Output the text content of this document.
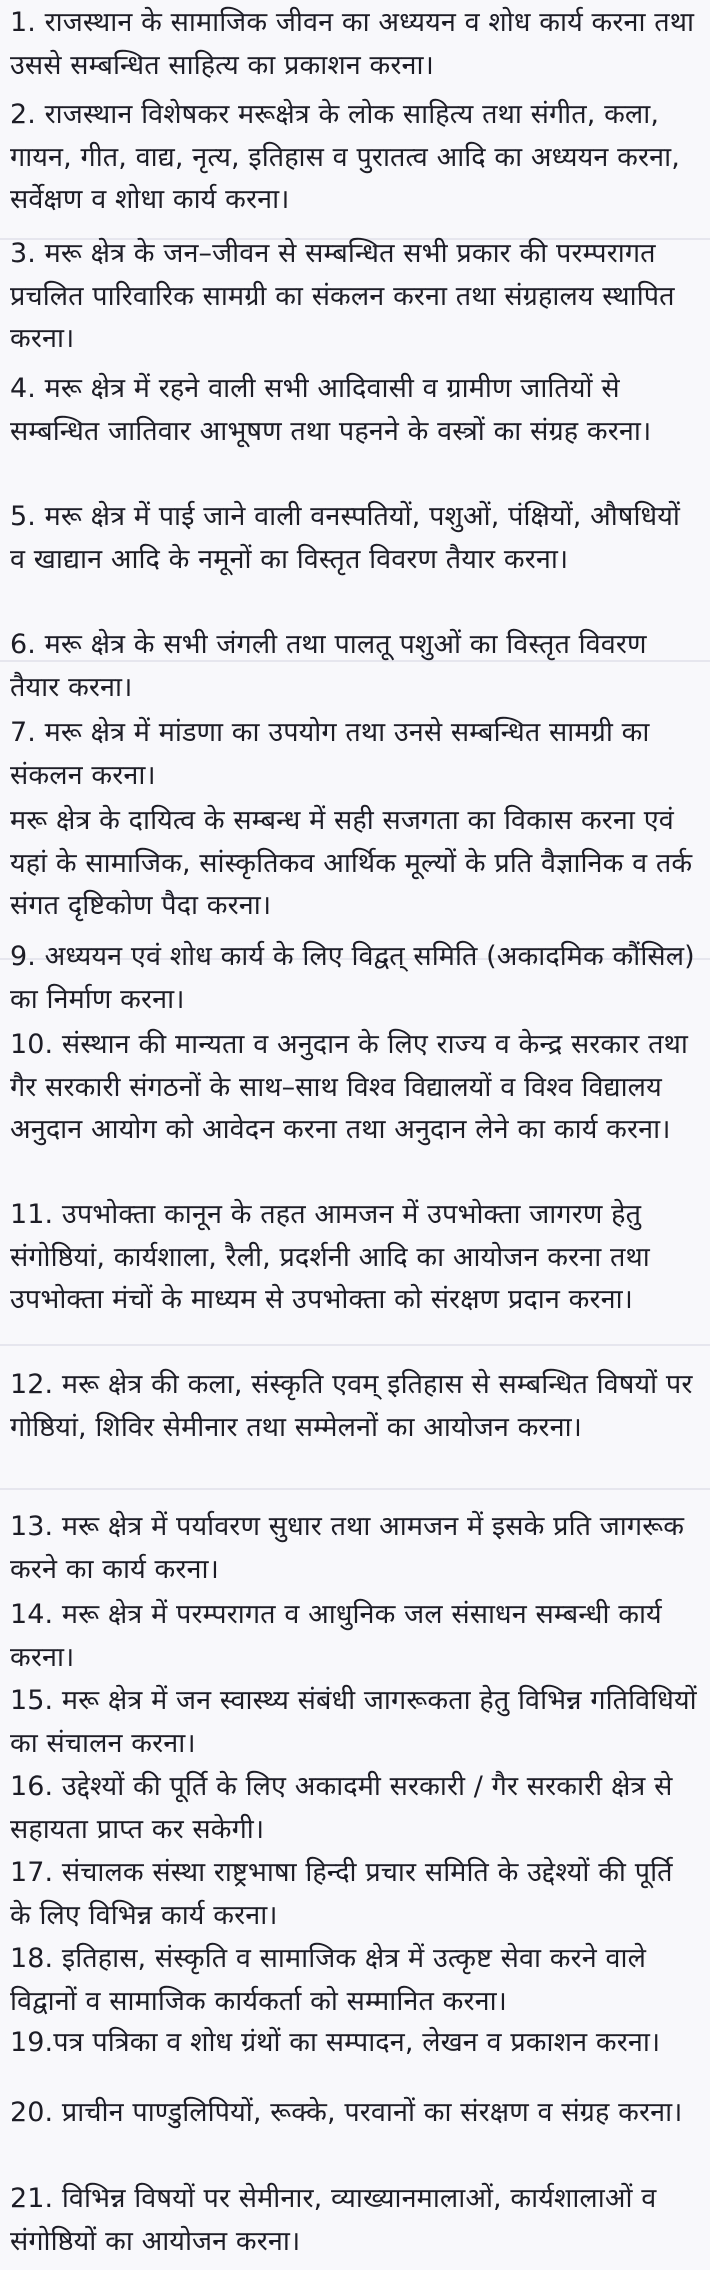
1. राजस्थान के सामाजिक जीवन का अध्ययन व शोध कार्य करना तथा उससे सम्बन्धित साहित्य का प्रकाशन करना।

2. राजस्थान विशेषकर मरूक्षेत्र के लोक साहित्य तथा संगीत, कला, गायन, गीत, वाद्य, नृत्य, इतिहास व पुरातत्व आदि का अध्ययन करना, सर्वेक्षण व शोधा कार्य करना।

3. मरू क्षेत्र के जन–जीवन से सम्बन्धित सभी प्रकार की परम्परागत प्रचलित पारिवारिक सामग्री का संकलन करना तथा संग्रहालय स्थापित करना।

4. मरू क्षेत्र में रहने वाली सभी आदिवासी व ग्रामीण जातियों से सम्बन्धित जातिवार आभूषण तथा पहनने के वस्त्रों का संग्रह करना।

5. मरू क्षेत्र में पाई जाने वाली वनस्पतियों, पशुओं, पंक्षियों, औषधियों व खाद्यान आदि के नमूनों का विस्तृत विवरण तैयार करना।

6. मरू क्षेत्र के सभी जंगली तथा पालतू पशुओं का विस्तृत विवरण तैयार करना।

7. मरू क्षेत्र में मांडणा का उपयोग तथा उनसे सम्बन्धित सामग्री का संकलन करना।

मरू क्षेत्र के दायित्व के सम्बन्ध में सही सजगता का विकास करना एवं यहां के सामाजिक, सांस्कृतिकव आर्थिक मूल्यों के प्रति वैज्ञानिक व तर्क संगत दृष्टिकोण पैदा करना।

9. अध्ययन एवं शोध कार्य के लिए विद्वत् समिति (अकादमिक कौंसिल) का निर्माण करना।

10. संस्थान की मान्यता व अनुदान के लिए राज्य व केन्द्र सरकार तथा गैर सरकारी संगठनों के साथ–साथ विश्व विद्यालयों व विश्व विद्यालय अनुदान आयोग को आवेदन करना तथा अनुदान लेने का कार्य करना।

11. उपभोक्ता कानून के तहत आमजन में उपभोक्ता जागरण हेतु संगोष्ठियां, कार्यशाला, रैली, प्रदर्शनी आदि का आयोजन करना तथा उपभोक्ता मंचों के माध्यम से उपभोक्ता को संरक्षण प्रदान करना।

12. मरू क्षेत्र की कला, संस्कृति एवम् इतिहास से सम्बन्धित विषयों पर गोष्ठियां, शिविर सेमीनार तथा सम्मेलनों का आयोजन करना।

13. मरू क्षेत्र में पर्यावरण सुधार तथा आमजन में इसके प्रति जागरूक करने का कार्य करना।

14. मरू क्षेत्र में परम्परागत व आधुनिक जल संसाधन सम्बन्धी कार्य करना।

15. मरू क्षेत्र में जन स्वास्थ्य संबंधी जागरूकता हेतु विभिन्न गतिविधियों का संचालन करना।

16. उद्देश्यों की पूर्ति के लिए अकादमी सरकारी / गैर सरकारी क्षेत्र से सहायता प्राप्त कर सकेगी।

17. संचालक संस्था राष्ट्रभाषा हिन्दी प्रचार समिति के उद्देश्यों की पूर्ति के लिए विभिन्न कार्य करना।

18. इतिहास, संस्कृति व सामाजिक क्षेत्र में उत्कृष्ट सेवा करने वाले विद्वानों व सामाजिक कार्यकर्ता को सम्मानित करना।

19.पत्र पत्रिका व शोध ग्रंथों का सम्पादन, लेखन व प्रकाशन करना।

20. प्राचीन पाण्डुलिपियों, रूक्के, परवानों का संरक्षण व संग्रह करना।

21. विभिन्न विषयों पर सेमीनार, व्याख्यानमालाओं, कार्यशालाओं व संगोष्ठियों का आयोजन करना।
